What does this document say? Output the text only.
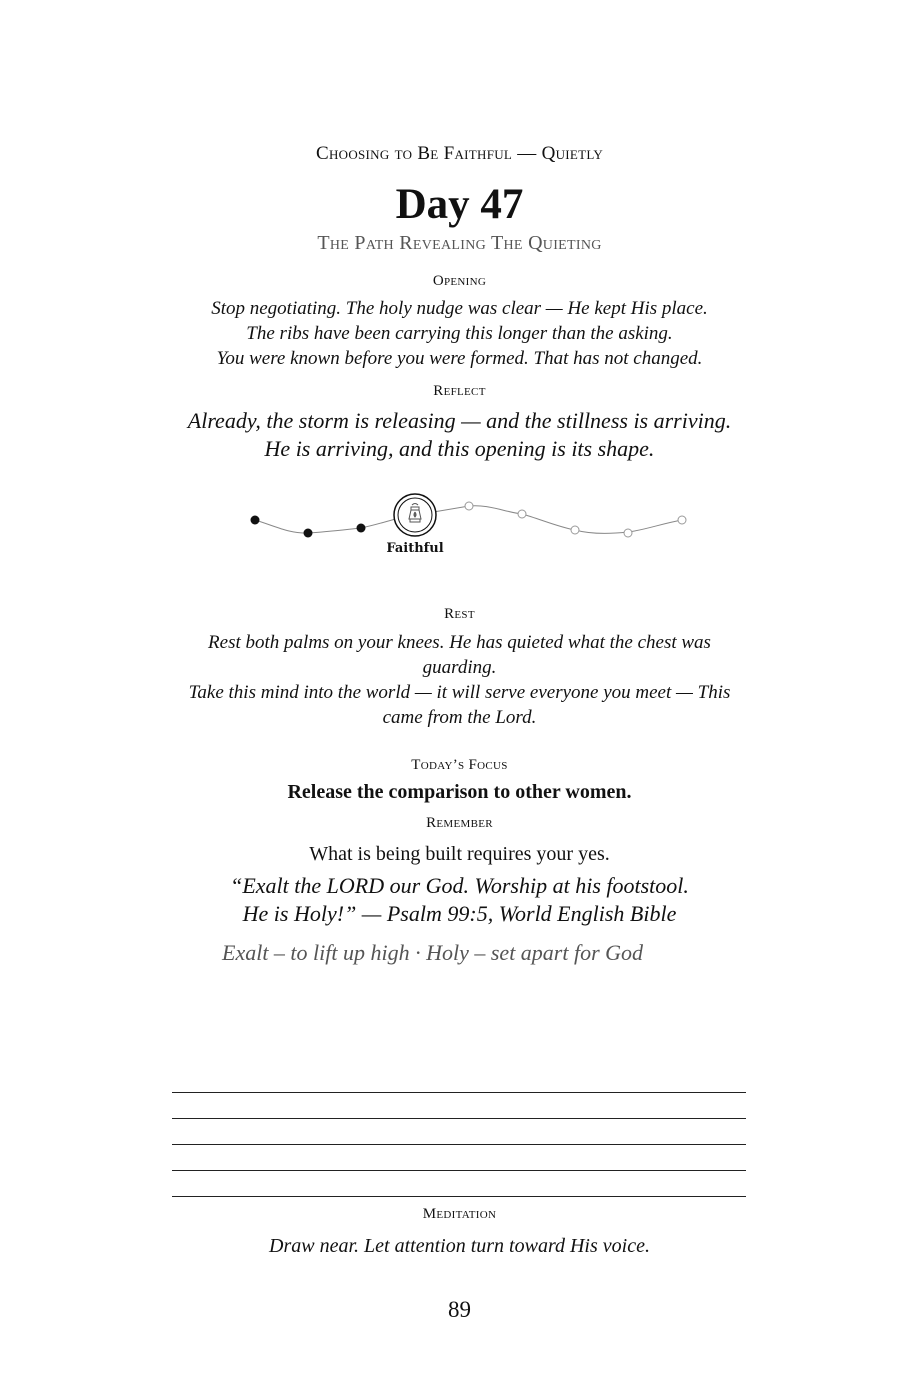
Choosing to Be Faithful — Quietly
Day 47
The Path Revealing The Quieting
Opening
Stop negotiating. The holy nudge was clear — He kept His place.
The ribs have been carrying this longer than the asking.
You were known before you were formed. That has not changed.
Reflect
Already, the storm is releasing — and the stillness is arriving.
He is arriving, and this opening is its shape.
Faithful
Rest

Rest both palms on your knees. He has quieted what the chest was guarding.

Take this mind into the world — it will serve everyone you meet — This came from the Lord.

Today’s Focus
Release the comparison to other women.
Remember
What is being built requires your yes.
“Exalt the LORD our God. Worship at his footstool.
He is Holy!” — Psalm 99:5, World English Bible
Exalt – to lift up high · Holy – set apart for God
Meditation
Draw near. Let attention turn toward His voice.
89
